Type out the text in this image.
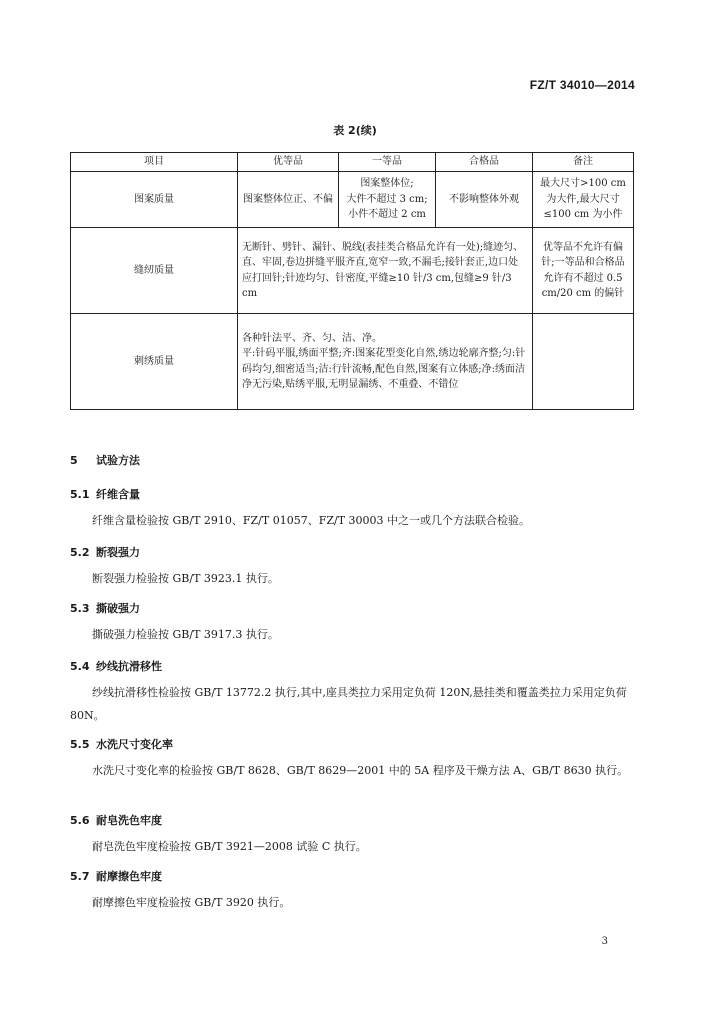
FZ/T 34010—2014
表 2(续)
项目	优等品	一等品	合格品	备注
图案质量	图案整体位正、不偏	图案整体位;
大件不超过 3 cm;
小件不超过 2 cm	不影响整体外观	最大尺寸>100 cm 为大件,最大尺寸 ≤100 cm 为小件
缝纫质量	无断针、劈针、漏针、脱线(表挂类合格品允许有一处);缝迹匀、直、牢固,卷边拼缝平服齐直,宽窄一致,不漏毛;接针套正,边口处应打回针;针迹均匀、针密度,平缝≥10 针/3 cm,包缝≥9 针/3 cm			优等品不允许有偏针;一等品和合格品允许有不超过 0.5 cm/20 cm 的偏针
刺绣质量	各种针法平、齐、匀、洁、净。
平:针码平服,绣面平整;齐:图案花型变化自然,绣边轮廓齐整;匀:针码均匀,细密适当;洁:行针流畅,配色自然,图案有立体感;净:绣面洁净无污染,贴绣平服,无明显漏绣、不重叠、不错位			

5 试验方法
5.1 纤维含量
纤维含量检验按 GB/T 2910、FZ/T 01057、FZ/T 30003 中之一或几个方法联合检验。
5.2 断裂强力
断裂强力检验按 GB/T 3923.1 执行。
5.3 撕破强力
撕破强力检验按 GB/T 3917.3 执行。
5.4 纱线抗滑移性
纱线抗滑移性检验按 GB/T 13772.2 执行,其中,座具类拉力采用定负荷 120N,悬挂类和覆盖类拉力采用定负荷 80N。
5.5 水洗尺寸变化率
水洗尺寸变化率的检验按 GB/T 8628、GB/T 8629—2001 中的 5A 程序及干燥方法 A、GB/T 8630 执行。
5.6 耐皂洗色牢度
耐皂洗色牢度检验按 GB/T 3921—2008 试验 C 执行。
5.7 耐摩擦色牢度
耐摩擦色牢度检验按 GB/T 3920 执行。
3
